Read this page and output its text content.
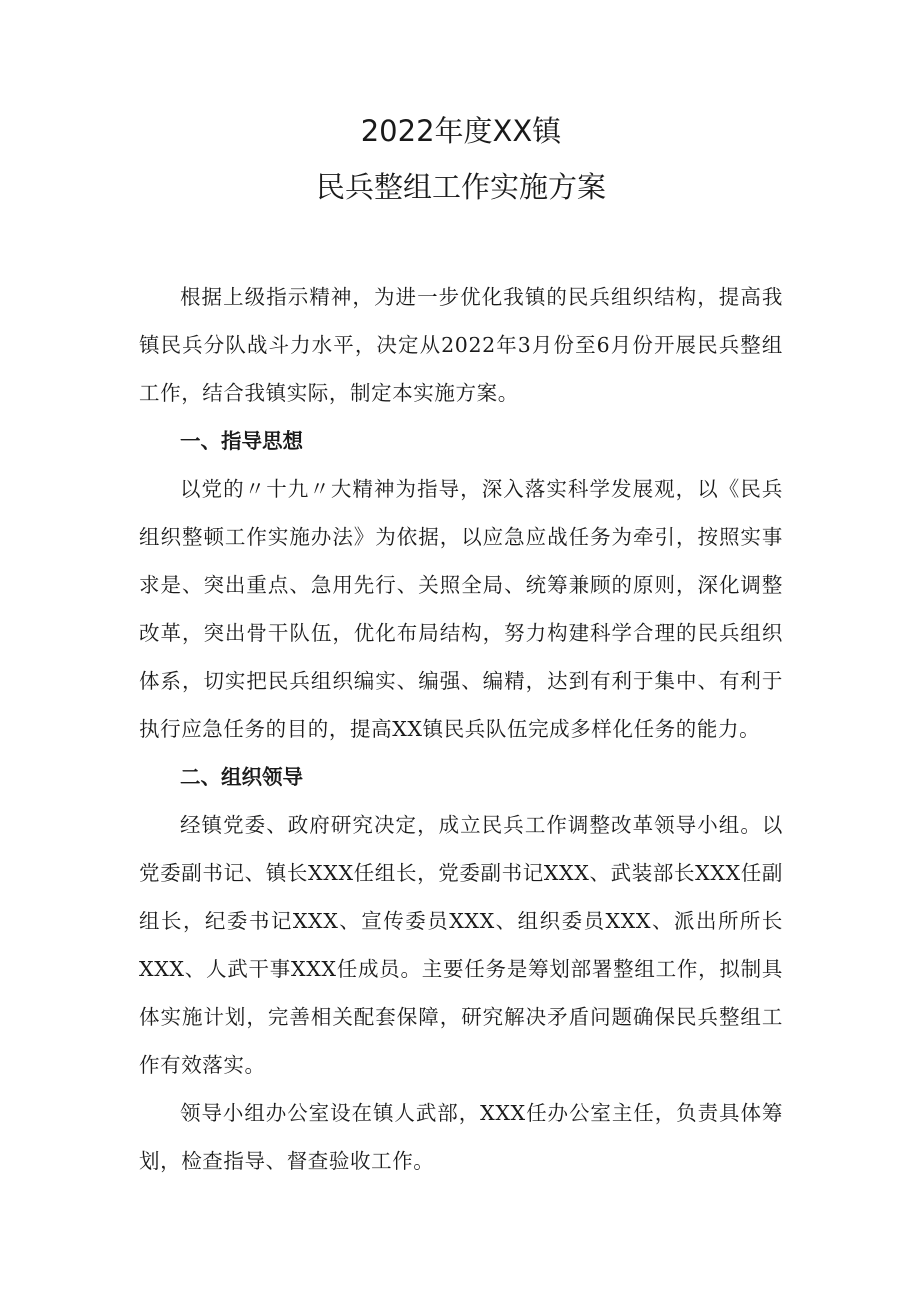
2022年度XX镇
民兵整组工作实施方案

根据上级指示精神，为进一步优化我镇的民兵组织结构，提高我镇民兵分队战斗力水平，决定从2022年3月份至6月份开展民兵整组工作，结合我镇实际，制定本实施方案。

一、指导思想

以党的〃十九〃大精神为指导，深入落实科学发展观，以《民兵组织整顿工作实施办法》为依据，以应急应战任务为牵引，按照实事求是、突出重点、急用先行、关照全局、统筹兼顾的原则，深化调整改革，突出骨干队伍，优化布局结构，努力构建科学合理的民兵组织体系，切实把民兵组织编实、编强、编精，达到有利于集中、有利于执行应急任务的目的，提高XX镇民兵队伍完成多样化任务的能力。

二、组织领导

经镇党委、政府研究决定，成立民兵工作调整改革领导小组。以党委副书记、镇长XXX任组长，党委副书记XXX、武装部长XXX任副组长，纪委书记XXX、宣传委员XXX、组织委员XXX、派出所所长XXX、人武干事XXX任成员。主要任务是筹划部署整组工作，拟制具体实施计划，完善相关配套保障，研究解决矛盾问题确保民兵整组工作有效落实。

领导小组办公室设在镇人武部，XXX任办公室主任，负责具体筹划，检查指导、督查验收工作。
